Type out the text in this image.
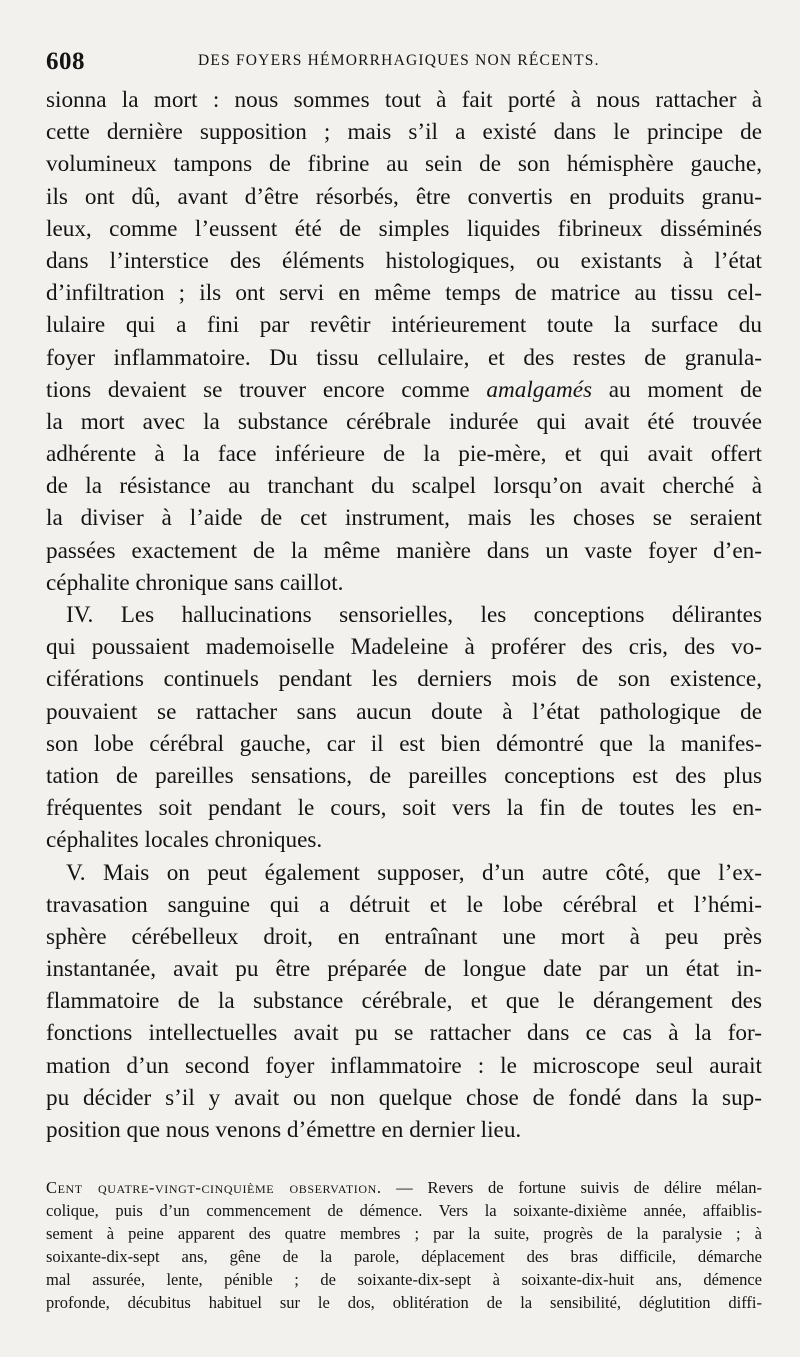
608	DES FOYERS HÉMORRHAGIQUES NON RÉCENTS.
sionna la mort : nous sommes tout à fait porté à nous rattacher à
cette dernière supposition ; mais s’il a existé dans le principe de
volumineux tampons de fibrine au sein de son hémisphère gauche,
ils ont dû, avant d’être résorbés, être convertis en produits granu-
leux, comme l’eussent été de simples liquides fibrineux disséminés
dans l’interstice des éléments histologiques, ou existants à l’état
d’infiltration ; ils ont servi en même temps de matrice au tissu cel-
lulaire qui a fini par revêtir intérieurement toute la surface du
foyer inflammatoire. Du tissu cellulaire, et des restes de granula-
tions devaient se trouver encore comme amalgamés au moment de
la mort avec la substance cérébrale indurée qui avait été trouvée
adhérente à la face inférieure de la pie-mère, et qui avait offert
de la résistance au tranchant du scalpel lorsqu’on avait cherché à
la diviser à l’aide de cet instrument, mais les choses se seraient
passées exactement de la même manière dans un vaste foyer d’en-
céphalite chronique sans caillot.
IV. Les hallucinations sensorielles, les conceptions délirantes
qui poussaient mademoiselle Madeleine à proférer des cris, des vo-
ciférations continuels pendant les derniers mois de son existence,
pouvaient se rattacher sans aucun doute à l’état pathologique de
son lobe cérébral gauche, car il est bien démontré que la manifes-
tation de pareilles sensations, de pareilles conceptions est des plus
fréquentes soit pendant le cours, soit vers la fin de toutes les en-
céphalites locales chroniques.
V. Mais on peut également supposer, d’un autre côté, que l’ex-
travasation sanguine qui a détruit et le lobe cérébral et l’hémi-
sphère cérébelleux droit, en entraînant une mort à peu près
instantanée, avait pu être préparée de longue date par un état in-
flammatoire de la substance cérébrale, et que le dérangement des
fonctions intellectuelles avait pu se rattacher dans ce cas à la for-
mation d’un second foyer inflammatoire : le microscope seul aurait
pu décider s’il y avait ou non quelque chose de fondé dans la sup-
position que nous venons d’émettre en dernier lieu.
Cent quatre-vingt-cinquième observation. — Revers de fortune suivis de délire mélan-
colique, puis d’un commencement de démence. Vers la soixante-dixième année, affaiblis-
sement à peine apparent des quatre membres ; par la suite, progrès de la paralysie ; à
soixante-dix-sept ans, gêne de la parole, déplacement des bras difficile, démarche
mal assurée, lente, pénible ; de soixante-dix-sept à soixante-dix-huit ans, démence
profonde, décubitus habituel sur le dos, oblitération de la sensibilité, déglutition diffi-
